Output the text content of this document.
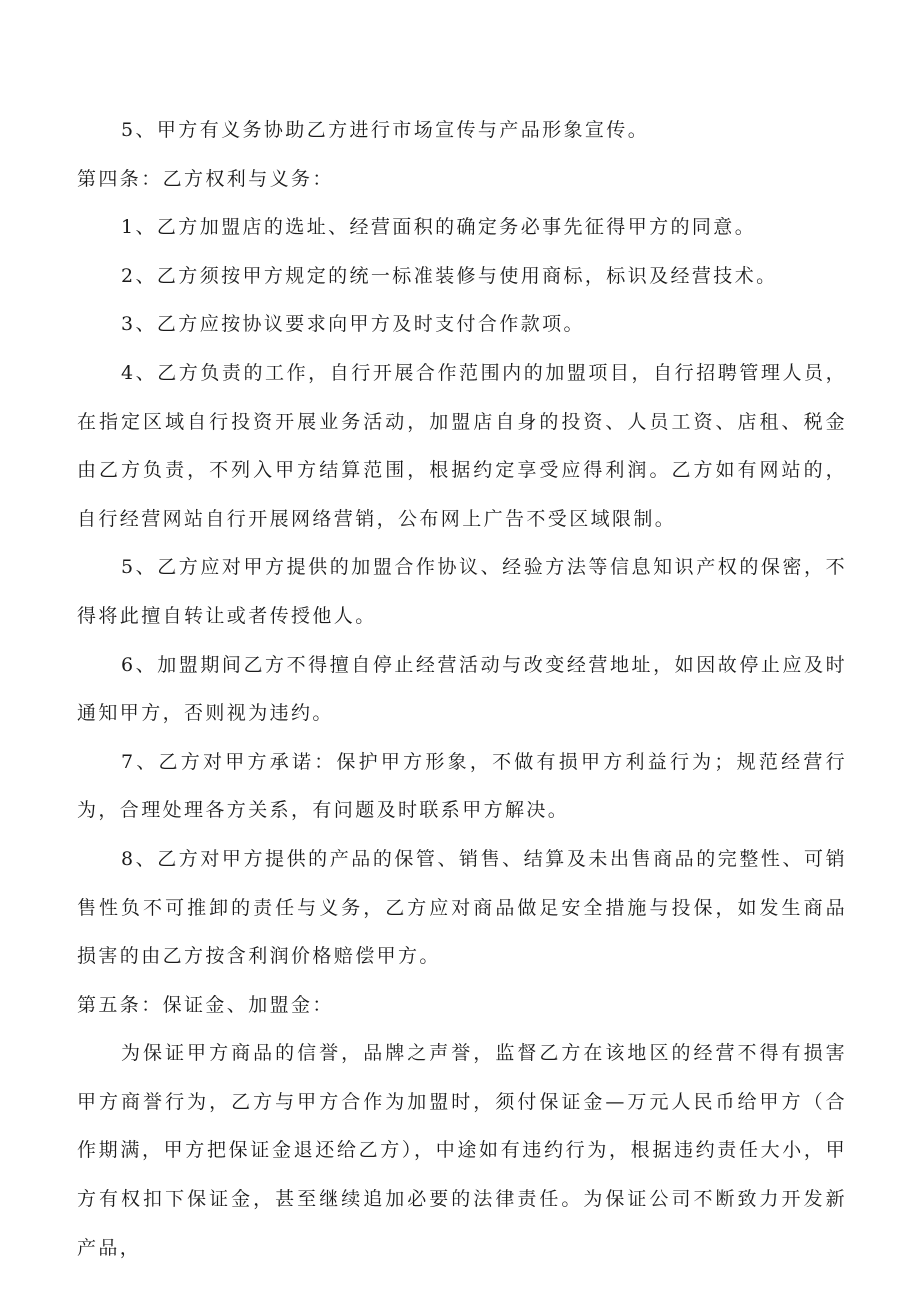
5、甲方有义务协助乙方进行市场宣传与产品形象宣传。

第四条：乙方权利与义务：

1、乙方加盟店的选址、经营面积的确定务必事先征得甲方的同意。

2、乙方须按甲方规定的统一标准装修与使用商标，标识及经营技术。

3、乙方应按协议要求向甲方及时支付合作款项。

4、乙方负责的工作，自行开展合作范围内的加盟项目，自行招聘管理人员，在指定区域自行投资开展业务活动，加盟店自身的投资、人员工资、店租、税金由乙方负责，不列入甲方结算范围，根据约定享受应得利润。乙方如有网站的，自行经营网站自行开展网络营销，公布网上广告不受区域限制。

5、乙方应对甲方提供的加盟合作协议、经验方法等信息知识产权的保密，不得将此擅自转让或者传授他人。

6、加盟期间乙方不得擅自停止经营活动与改变经营地址，如因故停止应及时通知甲方，否则视为违约。

7、乙方对甲方承诺：保护甲方形象，不做有损甲方利益行为；规范经营行为，合理处理各方关系，有问题及时联系甲方解决。

8、乙方对甲方提供的产品的保管、销售、结算及未出售商品的完整性、可销售性负不可推卸的责任与义务，乙方应对商品做足安全措施与投保，如发生商品损害的由乙方按含利润价格赔偿甲方。

第五条：保证金、加盟金：

为保证甲方商品的信誉，品牌之声誉，监督乙方在该地区的经营不得有损害甲方商誉行为，乙方与甲方合作为加盟时，须付保证金—万元人民币给甲方（合作期满，甲方把保证金退还给乙方），中途如有违约行为，根据违约责任大小，甲方有权扣下保证金，甚至继续追加必要的法律责任。为保证公司不断致力开发新产品，
